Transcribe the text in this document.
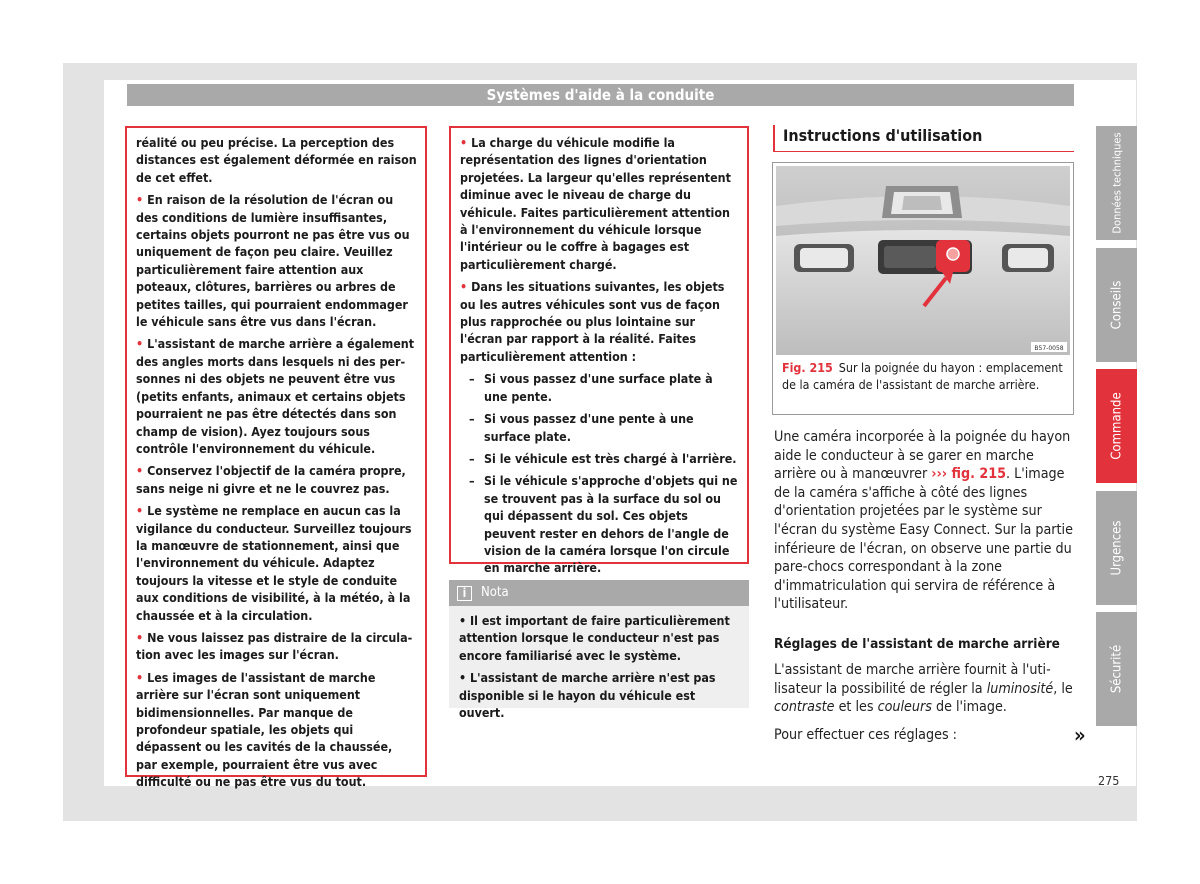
Systèmes d'aide à la conduite

réalité ou peu précise. La perception des distances est également déformée en raison de cet effet.

• En raison de la résolution de l'écran ou des conditions de lumière insuffisantes, certains objets pourront ne pas être vus ou uniquement de façon peu claire. Veuillez particulièrement faire attention aux poteaux, clôtures, barrières ou arbres de petites tailles, qui pourraient endommager le véhicule sans être vus dans l'écran.

• L'assistant de marche arrière a également des angles morts dans lesquels ni des personnes ni des objets ne peuvent être vus (petits enfants, animaux et certains objets pourraient ne pas être détectés dans son champ de vision). Ayez toujours sous contrôle l'environnement du véhicule.

• Conservez l'objectif de la caméra propre, sans neige ni givre et ne le couvrez pas.

• Le système ne remplace en aucun cas la vigilance du conducteur. Surveillez toujours la manœuvre de stationnement, ainsi que l'environnement du véhicule. Adaptez toujours la vitesse et le style de conduite aux conditions de visibilité, à la météo, à la chaussée et à la circulation.

• Ne vous laissez pas distraire de la circulation avec les images sur l'écran.

• Les images de l'assistant de marche arrière sur l'écran sont uniquement bidimensionnelles. Par manque de profondeur spatiale, les objets qui dépassent ou les cavités de la chaussée, par exemple, pourraient être vus avec difficulté ou ne pas être vus du tout.

• La charge du véhicule modifie la représentation des lignes d'orientation projetées. La largeur qu'elles représentent diminue avec le niveau de charge du véhicule. Faites particulièrement attention à l'environnement du véhicule lorsque l'intérieur ou le coffre à bagages est particulièrement chargé.

• Dans les situations suivantes, les objets ou les autres véhicules sont vus de façon plus rapprochée ou plus lointaine sur l'écran par rapport à la réalité. Faites particulièrement attention :

– Si vous passez d'une surface plate à une pente.
– Si vous passez d'une pente à une surface plate.
– Si le véhicule est très chargé à l'arrière.
– Si le véhicule s'approche d'objets qui ne se trouvent pas à la surface du sol ou qui dépassent du sol. Ces objets peuvent rester en dehors de l'angle de vision de la caméra lorsque l'on circule en marche arrière.
i	Nota

• Il est important de faire particulièrement attention lorsque le conducteur n'est pas encore familiarisé avec le système.

• L'assistant de marche arrière n'est pas disponible si le hayon du véhicule est ouvert.

Instructions d'utilisation
B57-0058
Fig. 215 Sur la poignée du hayon : emplacement de la caméra de l'assistant de marche arrière.
Une caméra incorporée à la poignée du hayon aide le conducteur à se garer en marche arrière ou à manœuvrer ››› fig. 215. L'image de la caméra s'affiche à côté des lignes d'orientation projetées par le système sur l'écran du système Easy Connect. Sur la partie inférieure de l'écran, on observe une partie du pare-chocs correspondant à la zone d'immatriculation qui servira de référence à l'utilisateur.
Réglages de l'assistant de marche arrière
L'assistant de marche arrière fournit à l'utilisateur la possibilité de régler la luminosité, le contraste et les couleurs de l'image.
Pour effectuer ces réglages :	»
Données techniques
Conseils
Commande
Urgences
Sécurité
275
